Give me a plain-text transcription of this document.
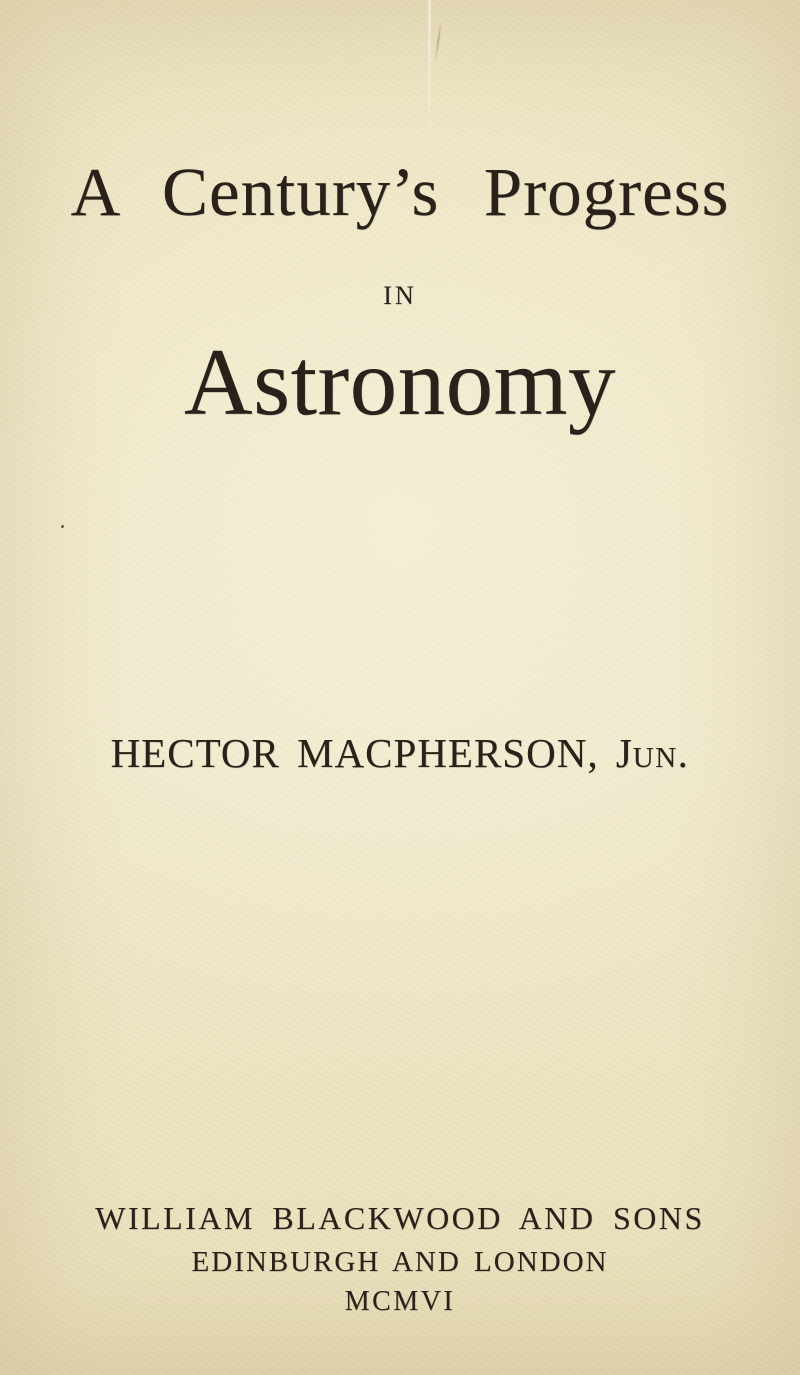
A Century’s Progress
IN
Astronomy
HECTOR MACPHERSON, Jun.
WILLIAM BLACKWOOD AND SONS
EDINBURGH AND LONDON
MCMVI
